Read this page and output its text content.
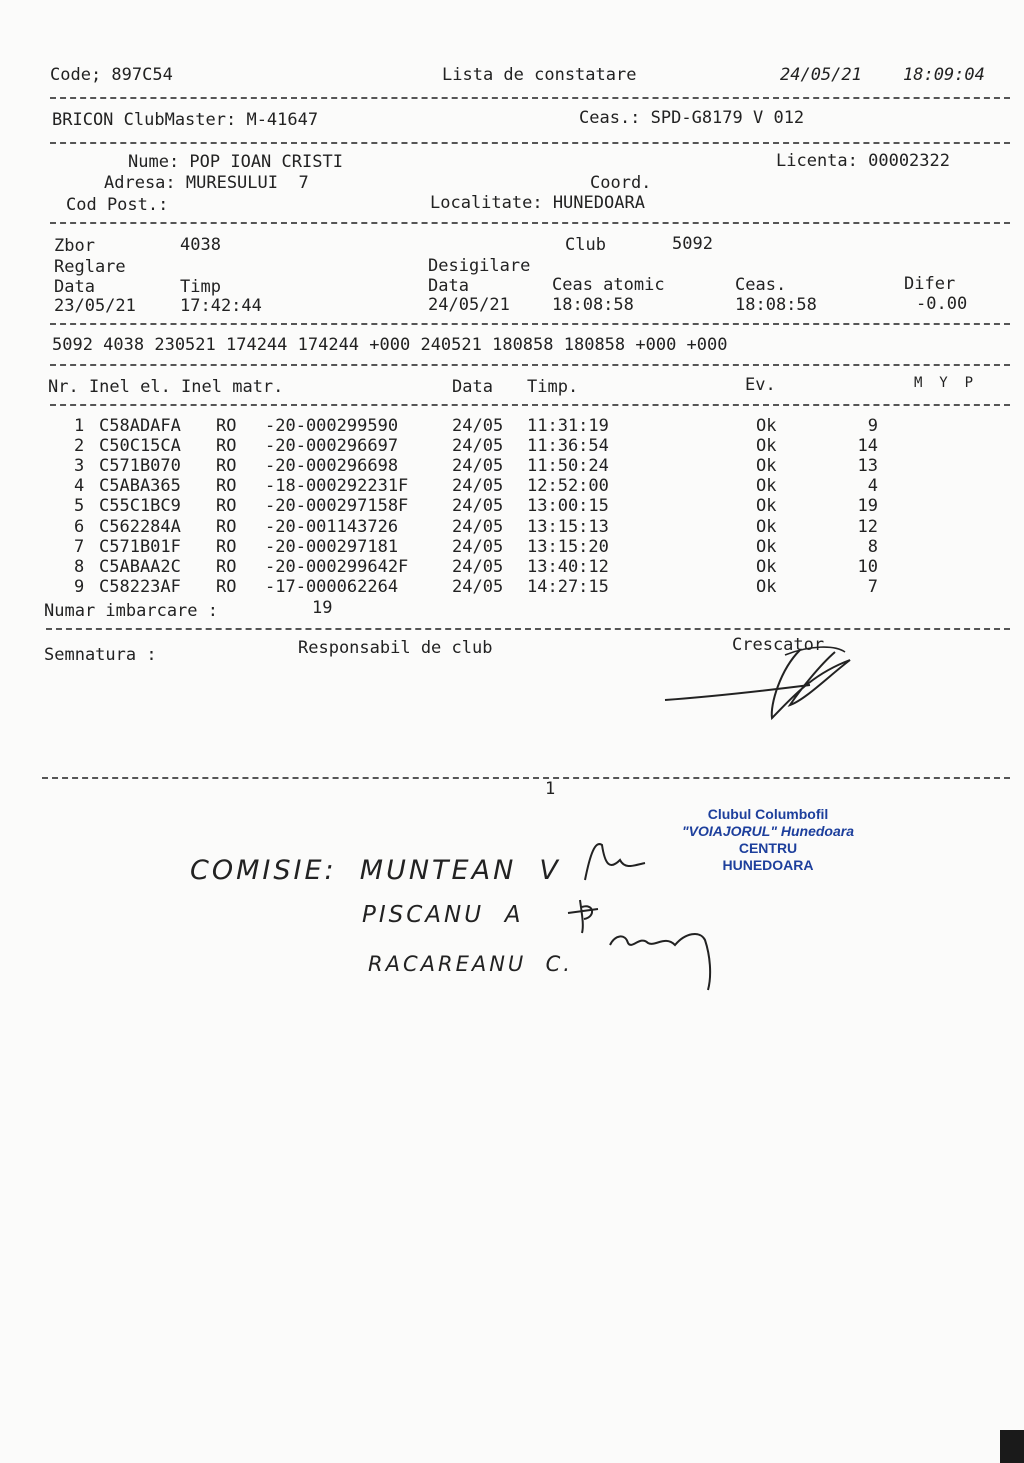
Code; 897C54	Lista de constatare	24/05/21 18:09:04
BRICON ClubMaster: M-41647	Ceas.: SPD-G8179 V 012
Nume: POP IOAN CRISTI	Licenta: 00002322
Adresa: MURESULUI  7	Coord.
Cod Post.:	Localitate: HUNEDOARA
Zbor	4038	Club	5092
Reglare	Desigilare
Data	Timp	Data	Ceas atomic	Ceas.	Difer
23/05/21	17:42:44	24/05/21 18:08:58	18:08:58	-0.00
5092 4038 230521 174244 174244 +000 240521 180858 180858 +000 +000
Nr. Inel el. Inel matr.	Data Timp.	Ev.	M  Y  P
1 C58ADAFA RO -20-000299590	24/05 11:31:19	Ok	9
2 C50C15CA RO -20-000296697	24/05 11:36:54	Ok	14
3 C571B070 RO -20-000296698	24/05 11:50:24	Ok	13
4 C5ABA365 RO -18-000292231F	24/05 12:52:00	Ok	4
5 C55C1BC9 RO -20-000297158F	24/05 13:00:15	Ok	19
6 C562284A RO -20-001143726	24/05 13:15:13	Ok	12
7 C571B01F RO -20-000297181	24/05 13:15:20	Ok	8
8 C5ABAA2C RO -20-000299642F	24/05 13:40:12	Ok	10
9 C58223AF RO -17-000062264	24/05 14:27:15	Ok	7
Numar imbarcare :	19
Semnatura :	Responsabil de club	Crescator
1
Clubul Columbofil
"VOIAJORUL" Hunedoara
CENTRU
HUNEDOARA
COMISIE:  MUNTEAN  V
PISCANU  A
RACAREANU  C.
